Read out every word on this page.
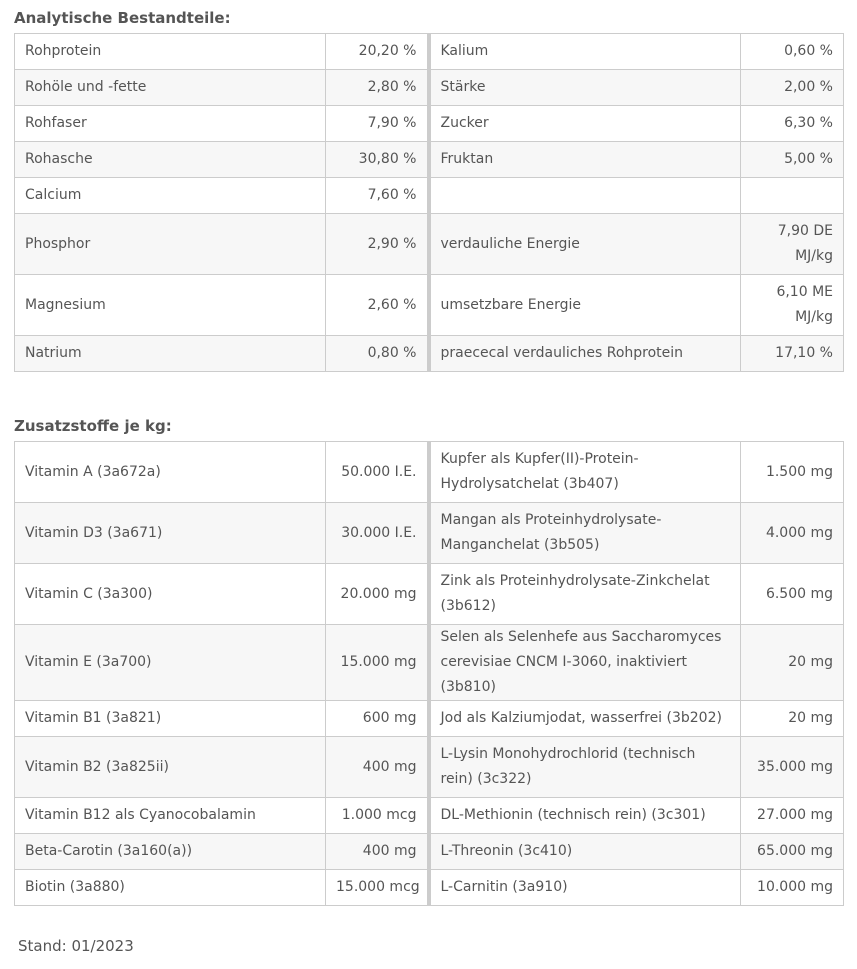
Analytische Bestandteile:
Rohprotein	20,20 %	Kalium	0,60 %
Rohöle und -fette	2,80 %	Stärke	2,00 %
Rohfaser	7,90 %	Zucker	6,30 %
Rohasche	30,80 %	Fruktan	5,00 %
Calcium	7,60 %		
Phosphor	2,90 %	verdauliche Energie	7,90 DE MJ/kg
Magnesium	2,60 %	umsetzbare Energie	6,10 ME MJ/kg
Natrium	0,80 %	praececal verdauliches Rohprotein	17,10 %
Zusatzstoffe je kg:
Vitamin A (3a672a)	50.000 I.E.	Kupfer als Kupfer(II)-Protein-Hydrolysatchelat (3b407)	1.500 mg
Vitamin D3 (3a671)	30.000 I.E.	Mangan als Proteinhydrolysate-Manganchelat (3b505)	4.000 mg
Vitamin C (3a300)	20.000 mg	Zink als Proteinhydrolysate-Zinkchelat (3b612)	6.500 mg
Vitamin E (3a700)	15.000 mg	Selen als Selenhefe aus Saccharomyces cerevisiae CNCM I-3060, inaktiviert (3b810)	20 mg
Vitamin B1 (3a821)	600 mg	Jod als Kalziumjodat, wasserfrei (3b202)	20 mg
Vitamin B2 (3a825ii)	400 mg	L-Lysin Monohydrochlorid (technisch rein) (3c322)	35.000 mg
Vitamin B12 als Cyanocobalamin	1.000 mcg	DL-Methionin (technisch rein) (3c301)	27.000 mg
Beta-Carotin (3a160(a))	400 mg	L-Threonin (3c410)	65.000 mg
Biotin (3a880)	15.000 mcg	L-Carnitin (3a910)	10.000 mg
Stand: 01/2023
